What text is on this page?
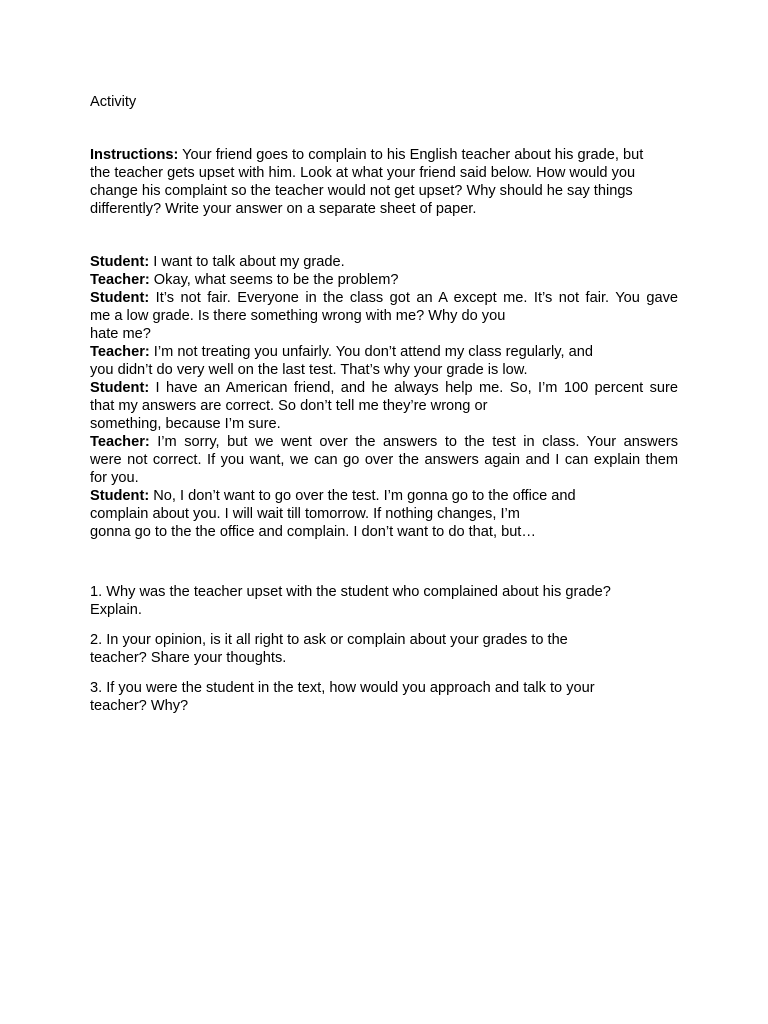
Activity
Instructions: Your friend goes to complain to his English teacher about his grade, but
the teacher gets upset with him. Look at what your friend said below. How would you
change his complaint so the teacher would not get upset? Why should he say things
differently? Write your answer on a separate sheet of paper.
Student: I want to talk about my grade.
Teacher: Okay, what seems to be the problem?
Student: It’s not fair. Everyone in the class got an A except me. It’s not fair. You gave
me a low grade. Is there something wrong with me? Why do you
hate me?
Teacher: I’m not treating you unfairly. You don’t attend my class regularly, and
you didn’t do very well on the last test. That’s why your grade is low.
Student: I have an American friend, and he always help me. So, I’m 100 percent sure
that my answers are correct. So don’t tell me they’re wrong or
something, because I’m sure.
Teacher: I’m sorry, but we went over the answers to the test in class. Your answers
were not correct. If you want, we can go over the answers again and I can explain them
for you.
Student: No, I don’t want to go over the test. I’m gonna go to the office and
complain about you. I will wait till tomorrow. If nothing changes, I’m
gonna go to the the office and complain. I don’t want to do that, but…
1. Why was the teacher upset with the student who complained about his grade?
Explain.
2. In your opinion, is it all right to ask or complain about your grades to the
teacher? Share your thoughts.
3. If you were the student in the text, how would you approach and talk to your
teacher? Why?
